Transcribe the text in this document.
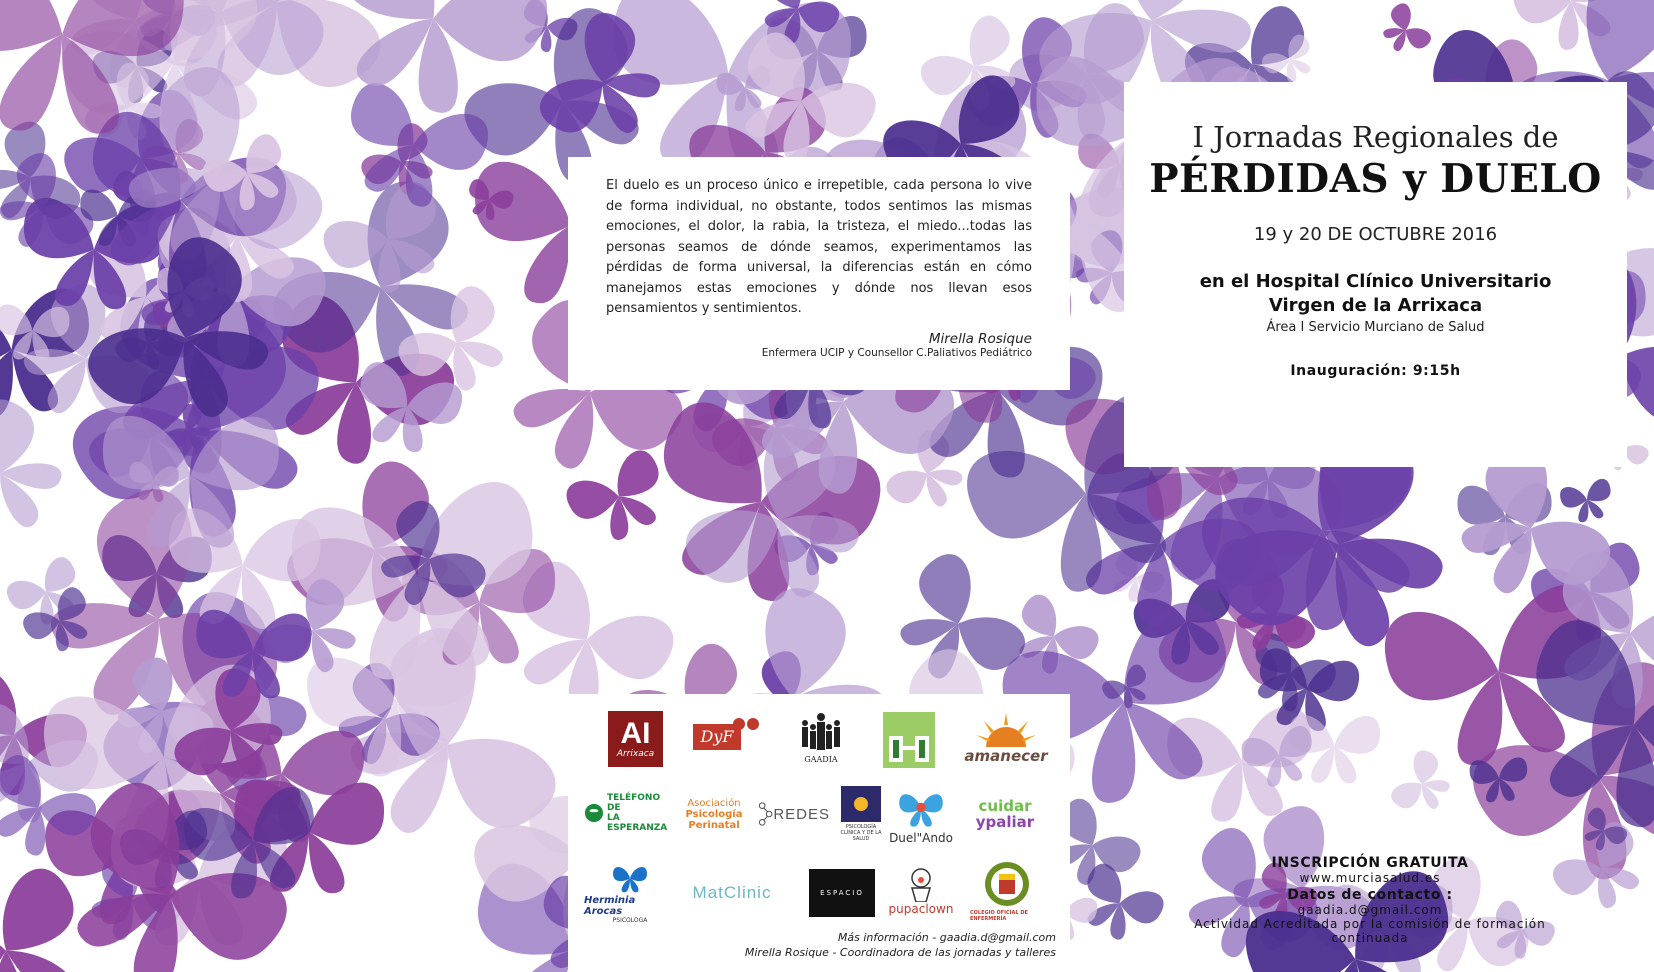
El duelo es un proceso único e irrepetible, cada persona lo vive de forma individual, no obstante, todos sentimos las mismas emociones, el dolor, la rabia, la tristeza, el miedo...todas las personas seamos de dónde seamos, experimentamos las pérdidas de forma universal, la diferencias están en cómo manejamos estas emociones y dónde nos llevan esos pensamientos y sentimientos.

Mirella Rosique
Enfermera UCIP y Counsellor C.Paliativos Pediátrico
I Jornadas Regionales de
PÉRDIDAS y DUELO
19 y 20 DE OCTUBRE 2016
en el Hospital Clínico Universitario
Virgen de la Arrixaca
Área I Servicio Murciano de Salud
Inauguración: 9:15h
AI
Arrixaca
DyF
GAADIA	amanecer
TELÉFONO DE
LA ESPERANZA
Asociación
Psicología
Perinatal
REDES
PSICOLOGÍA CLÍNICA Y DE LA SALUD	Duel"Ando
cuidar
ypaliar
Herminia Arocas
PSICOLOGA
MatClinic	ESPACIO
pupaclown	COLEGIO OFICIAL DE ENFERMERÍA
Más información - gaadia.d@gmail.com
Mirella Rosique - Coordinadora de las jornadas y talleres
INSCRIPCIÓN GRATUITA
www.murciasalud.es
Datos de contacto :
gaadia.d@gmail.com
Actividad Acreditada por la comisión de formación continuada
